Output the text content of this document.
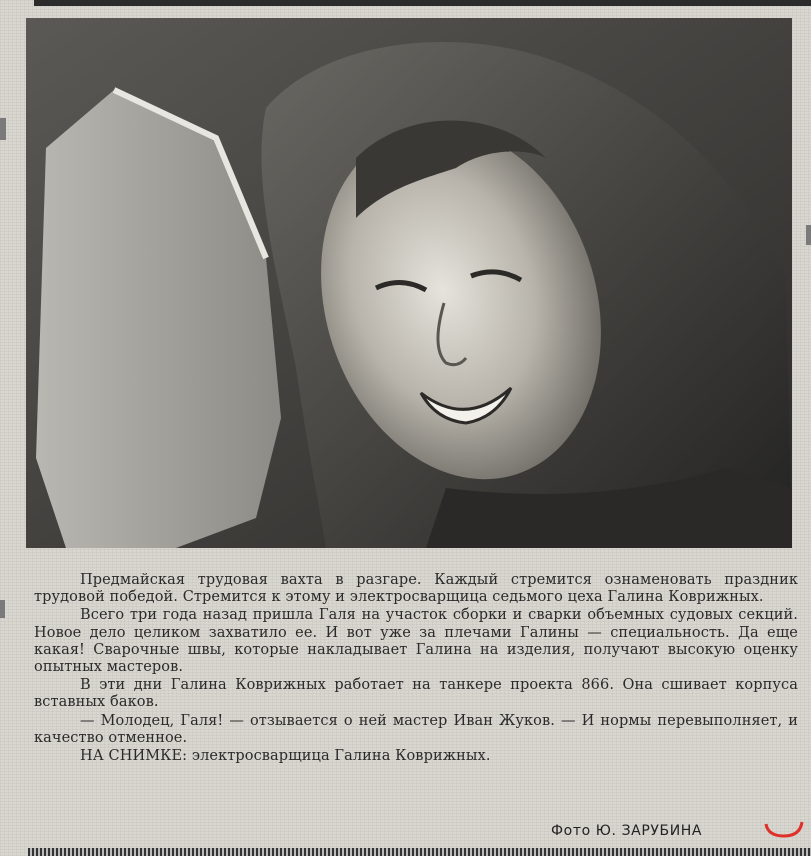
Предмайская трудовая вахта в разгаре. Каждый стремится ознаменовать праздник трудовой победой. Стремится к этому и электросварщица седьмого цеха Галина Коврижных.

Всего три года назад пришла Галя на участок сборки и сварки объемных судовых секций. Новое дело целиком захватило ее. И вот уже за плечами Галины — специальность. Да еще какая! Сварочные швы, которые накладывает Галина на изделия, получают высокую оценку опытных мастеров.

В эти дни Галина Коврижных работает на танкере проекта 866. Она сшивает корпуса вставных баков.

— Молодец, Галя! — отзывается о ней мастер Иван Жуков. — И нормы перевыполняет, и качество отменное.

НА СНИМКЕ: электросварщица Галина Коврижных.

Фото Ю. ЗАРУБИНА
